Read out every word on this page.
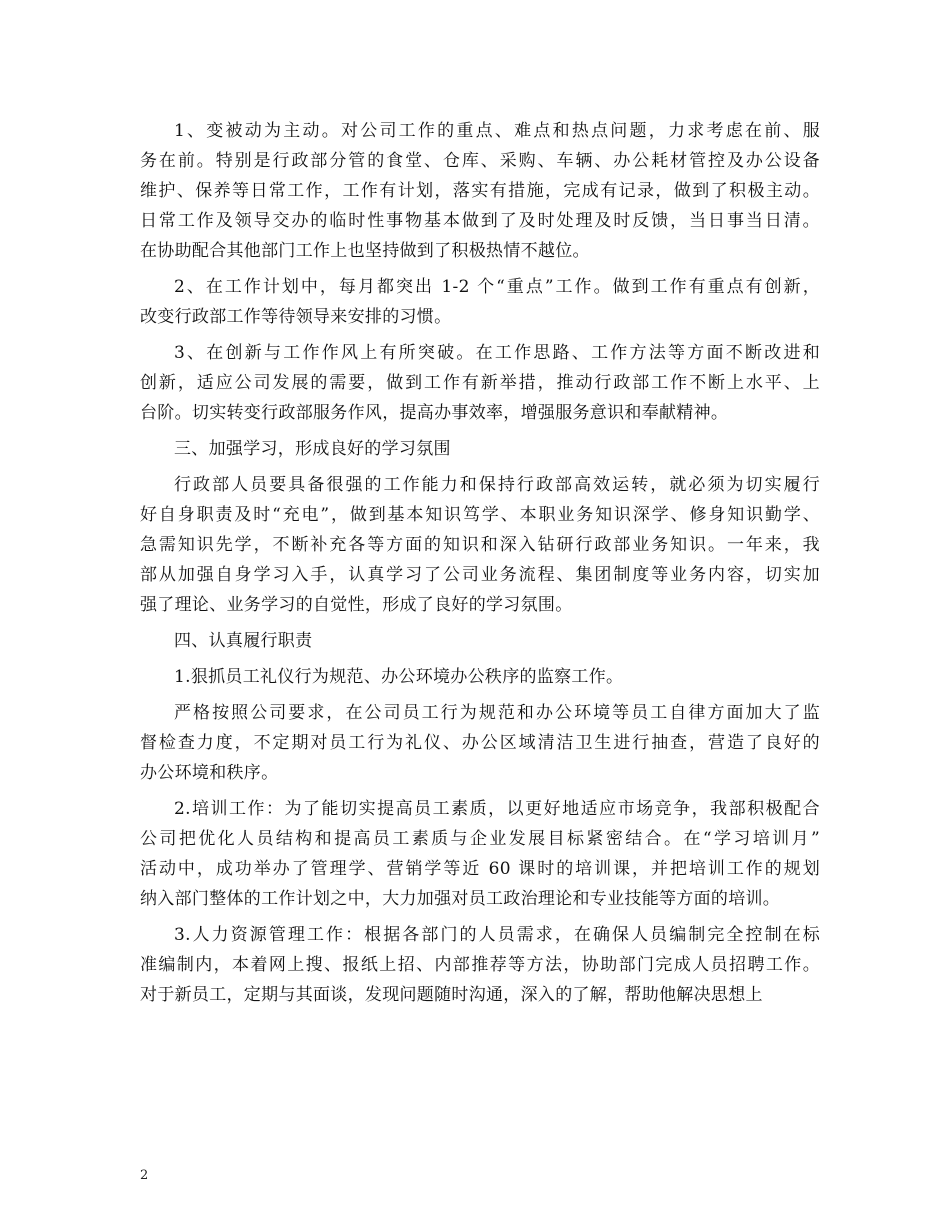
1、变被动为主动。对公司工作的重点、难点和热点问题，力求考虑在前、服
务在前。特别是行政部分管的食堂、仓库、采购、车辆、办公耗材管控及办公设备
维护、保养等日常工作，工作有计划，落实有措施，完成有记录，做到了积极主动。
日常工作及领导交办的临时性事物基本做到了及时处理及时反馈，当日事当日清。
在协助配合其他部门工作上也坚持做到了积极热情不越位。
2、在工作计划中，每月都突出 1-2 个“重点”工作。做到工作有重点有创新，
改变行政部工作等待领导来安排的习惯。
3、在创新与工作作风上有所突破。在工作思路、工作方法等方面不断改进和
创新，适应公司发展的需要，做到工作有新举措，推动行政部工作不断上水平、上
台阶。切实转变行政部服务作风，提高办事效率，增强服务意识和奉献精神。
三、加强学习，形成良好的学习氛围
行政部人员要具备很强的工作能力和保持行政部高效运转，就必须为切实履行
好自身职责及时“充电”，做到基本知识笃学、本职业务知识深学、修身知识勤学、
急需知识先学，不断补充各等方面的知识和深入钻研行政部业务知识。一年来，我
部从加强自身学习入手，认真学习了公司业务流程、集团制度等业务内容，切实加
强了理论、业务学习的自觉性，形成了良好的学习氛围。
四、认真履行职责
1.狠抓员工礼仪行为规范、办公环境办公秩序的监察工作。
严格按照公司要求，在公司员工行为规范和办公环境等员工自律方面加大了监
督检查力度，不定期对员工行为礼仪、办公区域清洁卫生进行抽查，营造了良好的
办公环境和秩序。
2.培训工作：为了能切实提高员工素质，以更好地适应市场竞争，我部积极配合
公司把优化人员结构和提高员工素质与企业发展目标紧密结合。在“学习培训月”
活动中，成功举办了管理学、营销学等近 60 课时的培训课，并把培训工作的规划
纳入部门整体的工作计划之中，大力加强对员工政治理论和专业技能等方面的培训。
3.人力资源管理工作：根据各部门的人员需求，在确保人员编制完全控制在标
准编制内，本着网上搜、报纸上招、内部推荐等方法，协助部门完成人员招聘工作。
对于新员工，定期与其面谈，发现问题随时沟通，深入的了解，帮助他解决思想上
2
